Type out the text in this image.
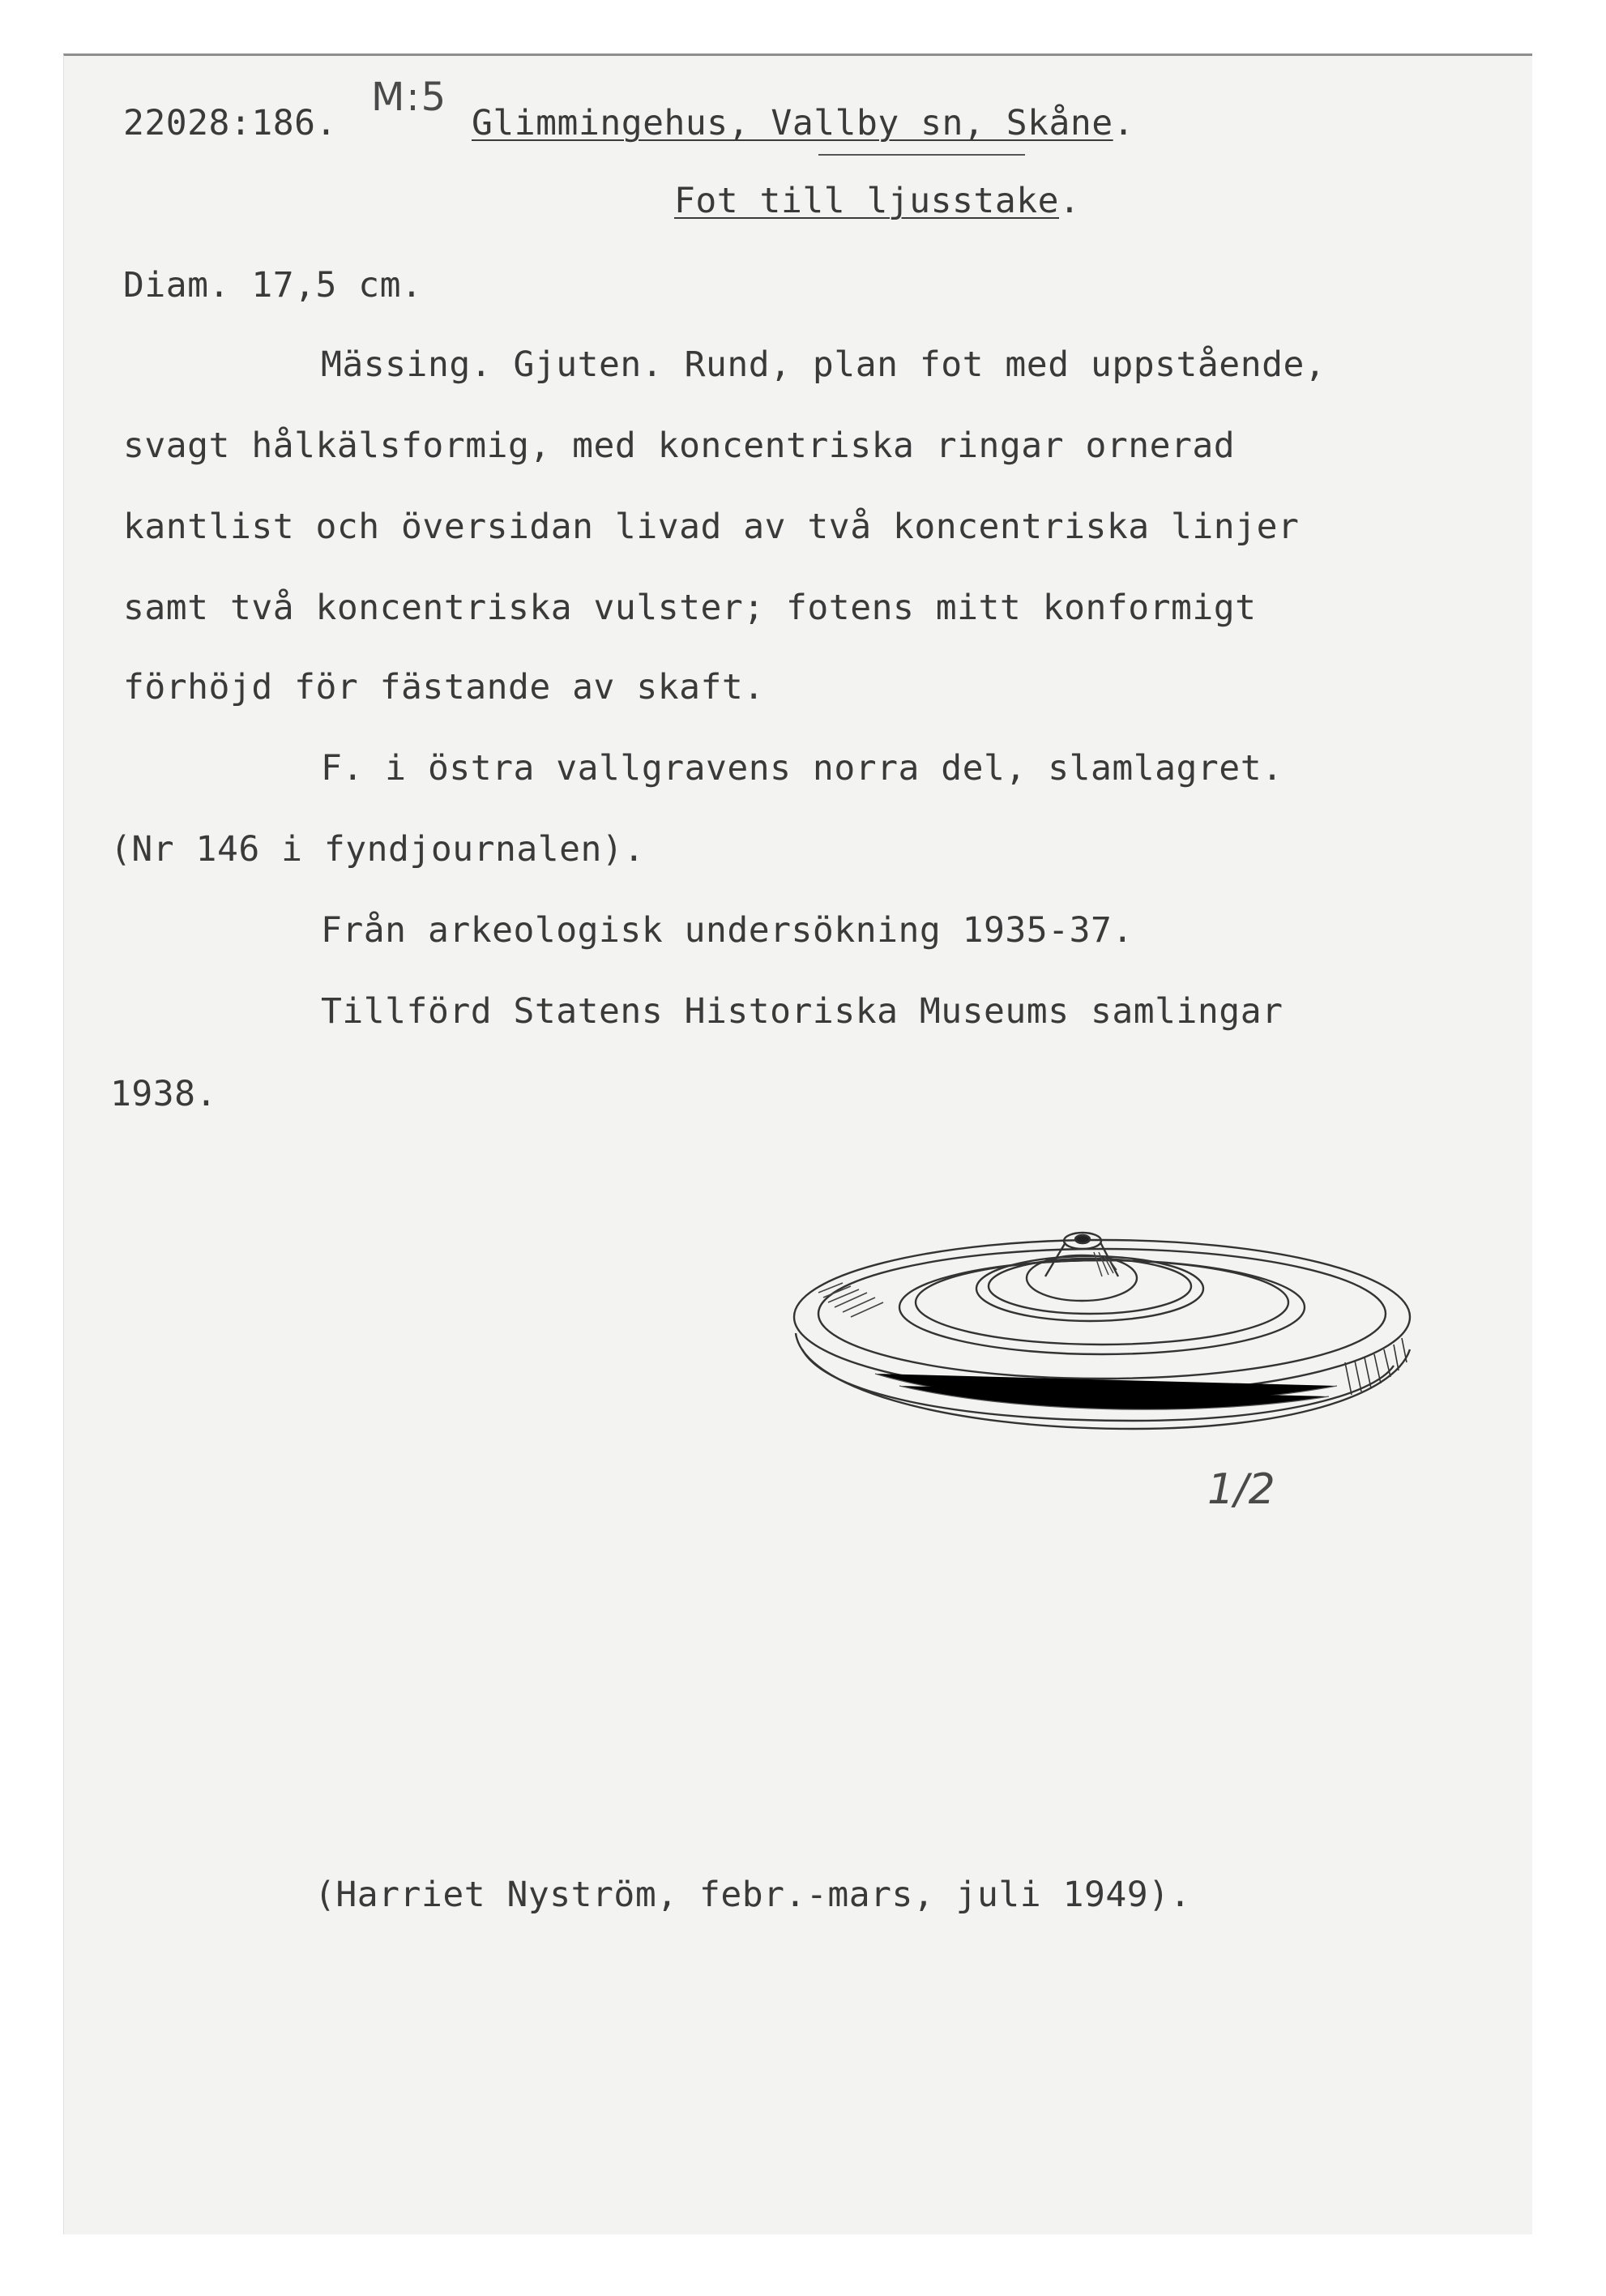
22028:186.
M:5
Glimmingehus, Vallby sn, Skåne.
Fot till ljusstake.
Diam. 17,5 cm.
Mässing. Gjuten. Rund, plan fot med uppstående,
svagt hålkälsformig, med koncentriska ringar ornerad
kantlist och översidan livad av två koncentriska linjer
samt två koncentriska vulster; fotens mitt konformigt
förhöjd för fästande av skaft.
F. i östra vallgravens norra del, slamlagret.
(Nr 146 i fyndjournalen).
Från arkeologisk undersökning 1935-37.
Tillförd Statens Historiska Museums samlingar
1938.
1/2
(Harriet Nyström, febr.-mars, juli 1949).
